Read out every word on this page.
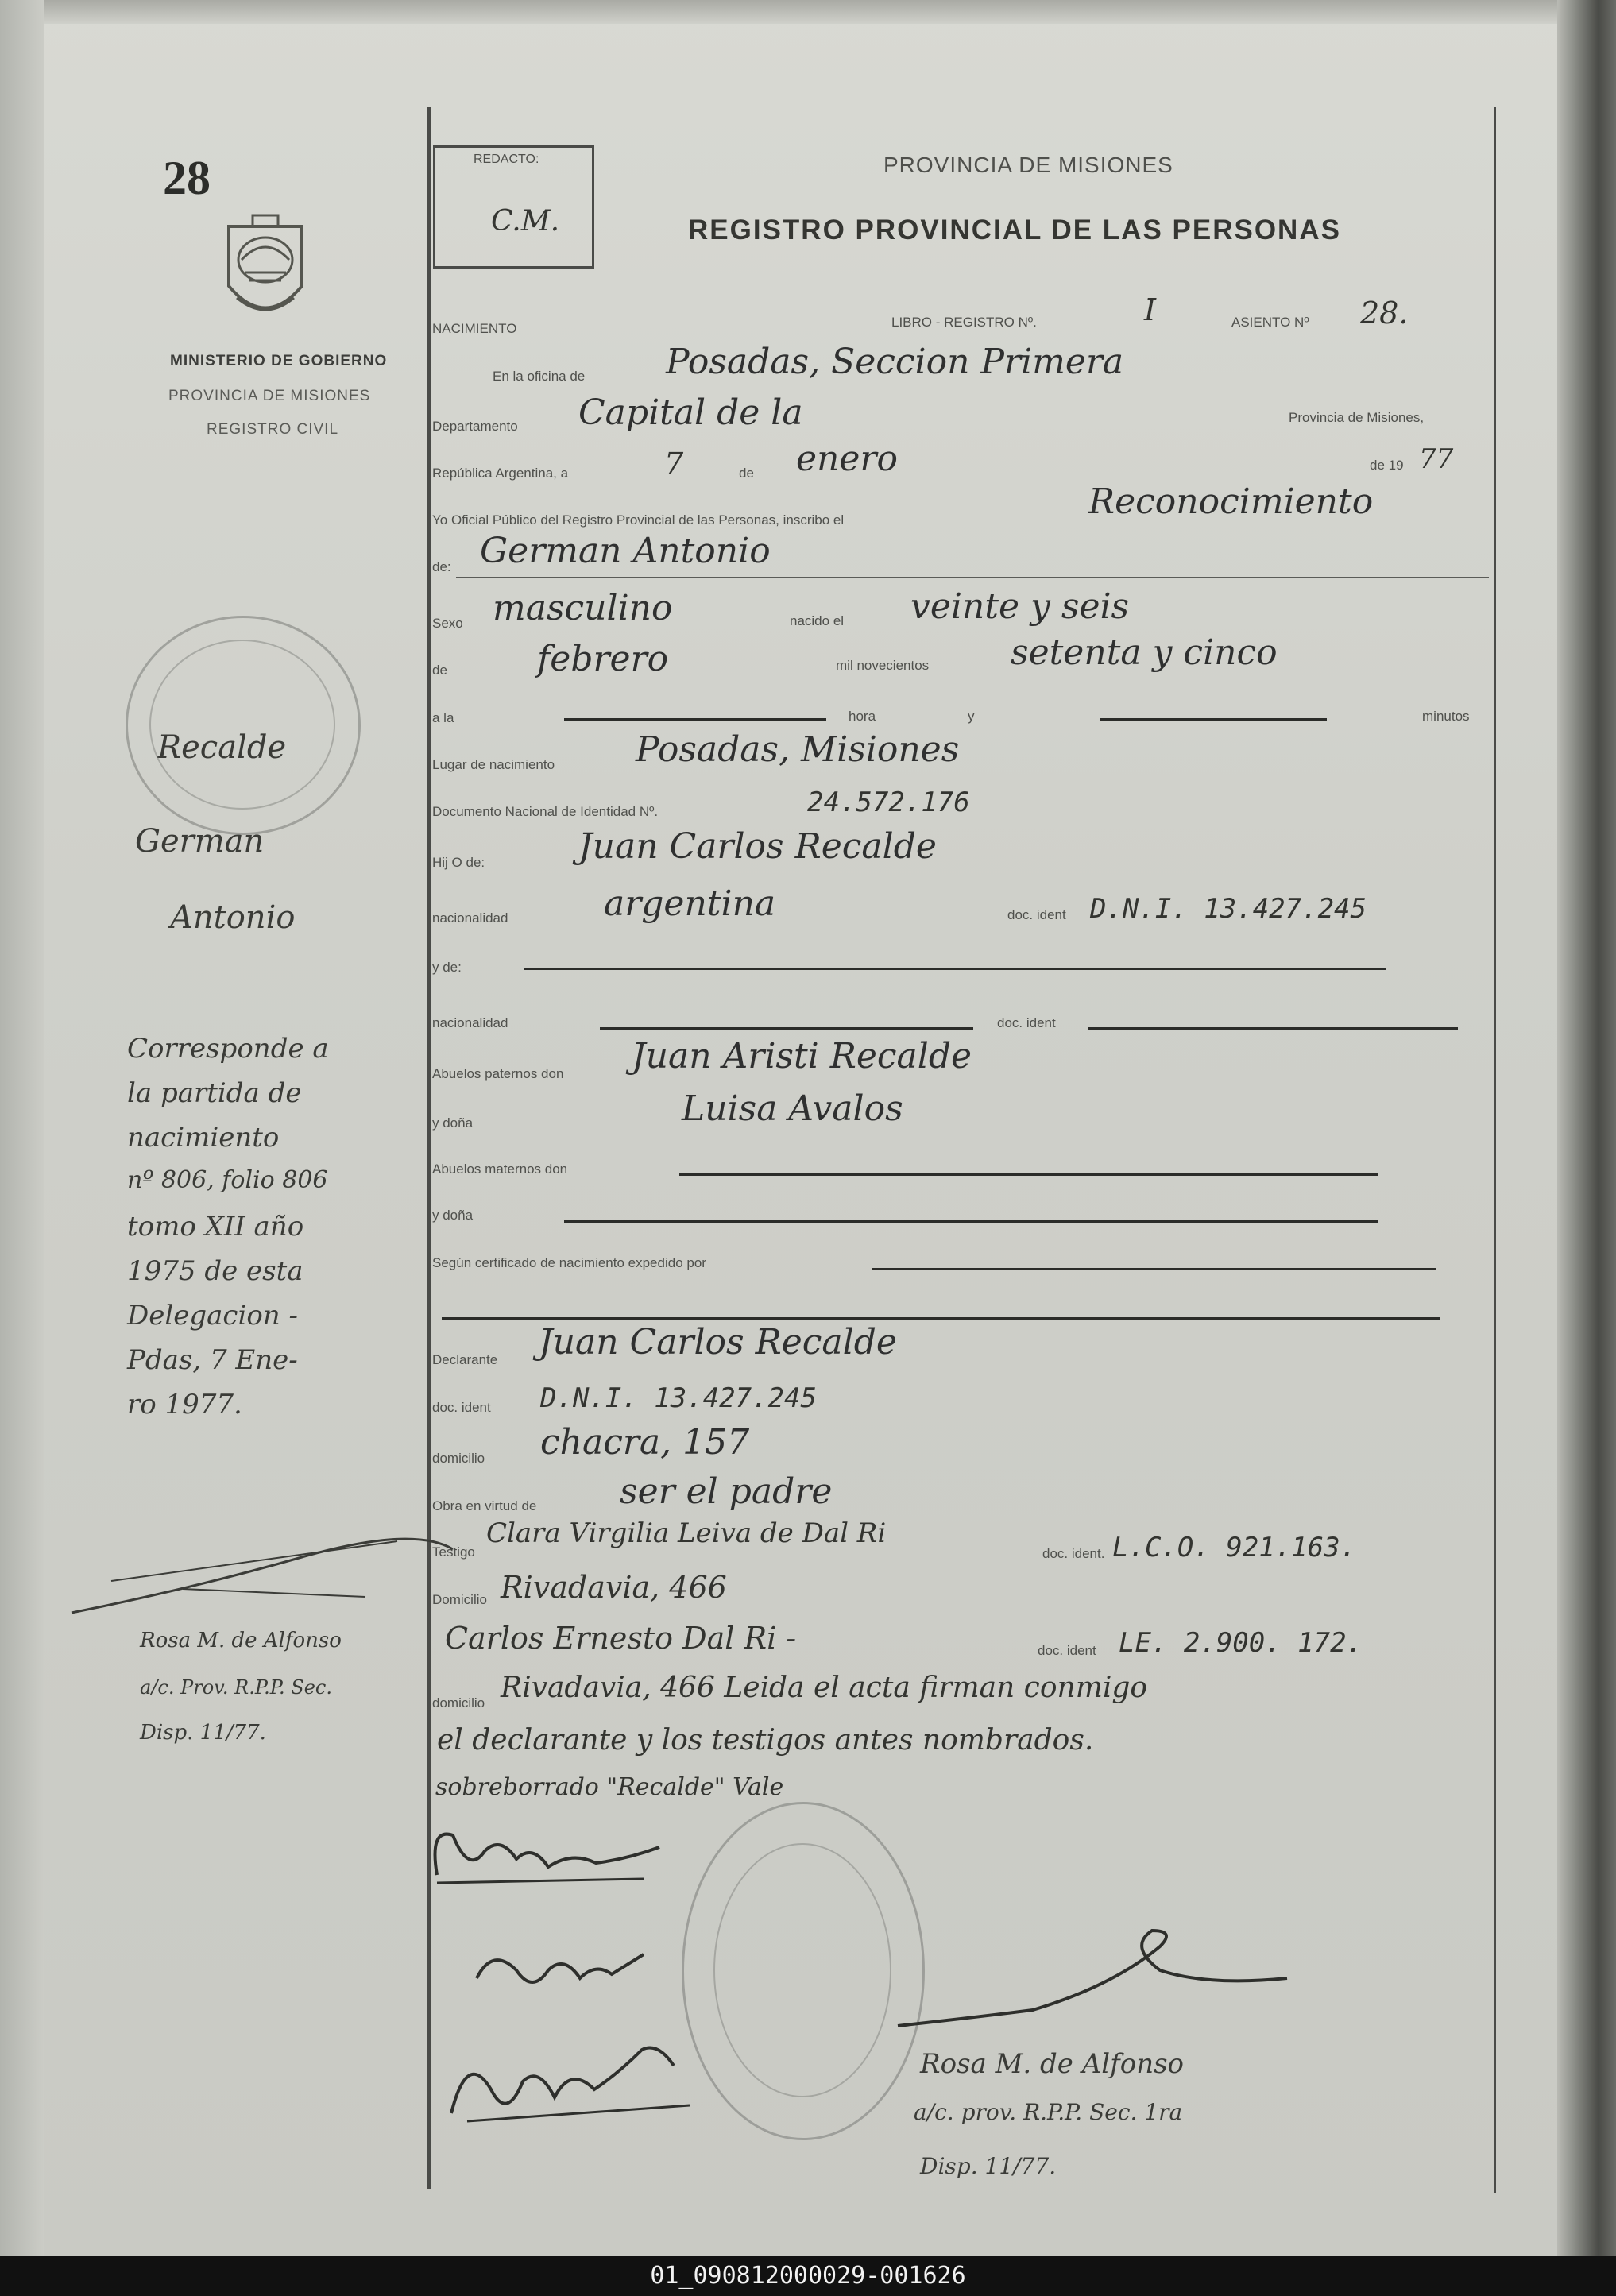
28
MINISTERIO DE GOBIERNO
PROVINCIA DE MISIONES
REGISTRO CIVIL
REDACTO:
C.M.
PROVINCIA DE MISIONES
REGISTRO PROVINCIAL DE LAS PERSONAS
NACIMIENTO	LIBRO - REGISTRO Nº.	I	ASIENTO Nº 28.
En la oficina de Posadas, Seccion Primera
Departamento Capital de la	Provincia de Misiones,
República Argentina, a	7	de enero	de 19 77
Yo Oficial Público del Registro Provincial de las Personas, inscribo el	Reconocimiento
de: German Antonio
Sexo masculino	nacido el veinte y seis
de	febrero	mil novecientos setenta y cinco
a la	hora	y	minutos
Lugar de nacimiento Posadas, Misiones
Documento Nacional de Identidad Nº.	24.572.176
Hij O de:	Juan Carlos Recalde
nacionalidad	argentina	doc. ident D.N.I. 13.427.245
y de:
nacionalidad	doc. ident
Abuelos paternos don Juan Aristi Recalde
y doña	Luisa Avalos
Abuelos maternos don
y doña
Según certificado de nacimiento expedido por
Declarante Juan Carlos Recalde
doc. ident D.N.I. 13.427.245
domicilio chacra, 157
Obra en virtud de ser el padre
Testigo
Clara Virgilia Leiva de Dal Ri
doc. ident. L.C.O. 921.163.
Domicilio Rivadavia, 466
Carlos Ernesto Dal Ri -	doc. ident LE. 2.900. 172.
domicilio Rivadavia, 466 Leida el acta firman conmigo
el declarante y los testigos antes nombrados.
sobreborrado "Recalde" Vale
Recalde
German
Antonio
Corresponde a
la partida de
nacimiento
nº 806, folio 806
tomo XII año
1975 de esta
Delegacion -
Pdas, 7 Ene-
ro 1977.
Rosa M. de Alfonso
a/c. Prov. R.P.P. Sec.
Disp. 11/77.
Rosa M. de Alfonso
a/c. prov. R.P.P. Sec. 1ra
Disp. 11/77.
01_090812000029-001626
